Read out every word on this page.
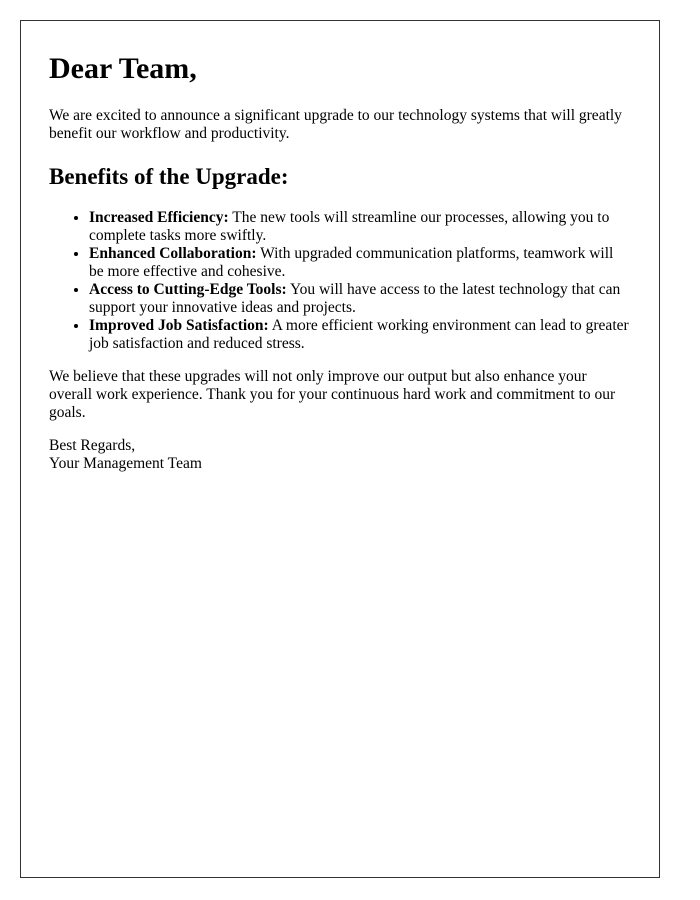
Dear Team,

We are excited to announce a significant upgrade to our technology systems that will greatly benefit our workflow and productivity.

Benefits of the Upgrade:
• Increased Efficiency: The new tools will streamline our processes, allowing you to complete tasks more swiftly.
• Enhanced Collaboration: With upgraded communication platforms, teamwork will be more effective and cohesive.
• Access to Cutting-Edge Tools: You will have access to the latest technology that can support your innovative ideas and projects.
• Improved Job Satisfaction: A more efficient working environment can lead to greater job satisfaction and reduced stress.

We believe that these upgrades will not only improve our output but also enhance your overall work experience. Thank you for your continuous hard work and commitment to our goals.

Best Regards,
Your Management Team
